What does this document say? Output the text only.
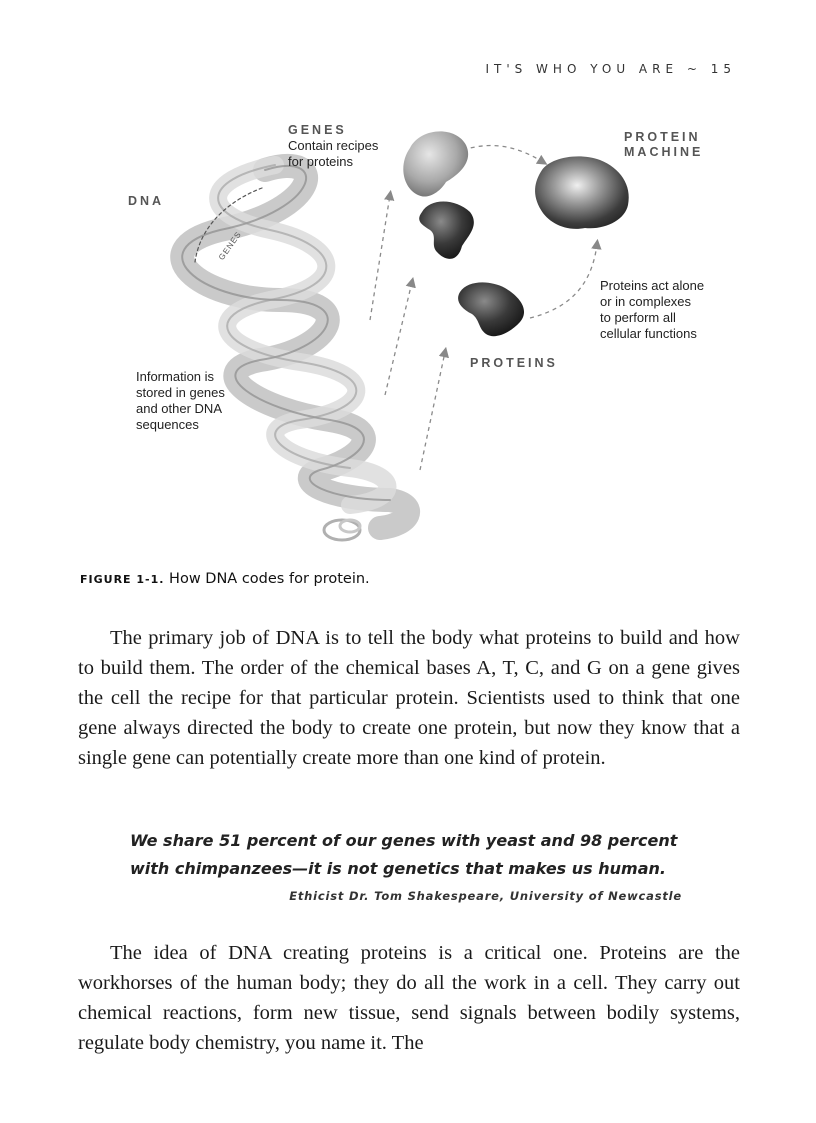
IT'S WHO YOU ARE ~ 15
DNA
GENES
GENES
Contain recipes
for proteins
PROTEIN
MACHINE
Proteins act alone
or in complexes
to perform all
cellular functions
PROTEINS
Information is
stored in genes
and other DNA
sequences
FIGURE 1-1. How DNA codes for protein.

The primary job of DNA is to tell the body what proteins to build and how to build them. The order of the chemical bases A, T, C, and G on a gene gives the cell the recipe for that particular protein. Scientists used to think that one gene always directed the body to create one protein, but now they know that a single gene can potentially create more than one kind of protein.

We share 51 percent of our genes with yeast and 98 percent
with chimpanzees—it is not genetics that makes us human.
Ethicist Dr. Tom Shakespeare, University of Newcastle

The idea of DNA creating proteins is a critical one. Proteins are the workhorses of the human body; they do all the work in a cell. They carry out chemical reactions, form new tissue, send signals between bodily systems, regulate body chemistry, you name it. The
